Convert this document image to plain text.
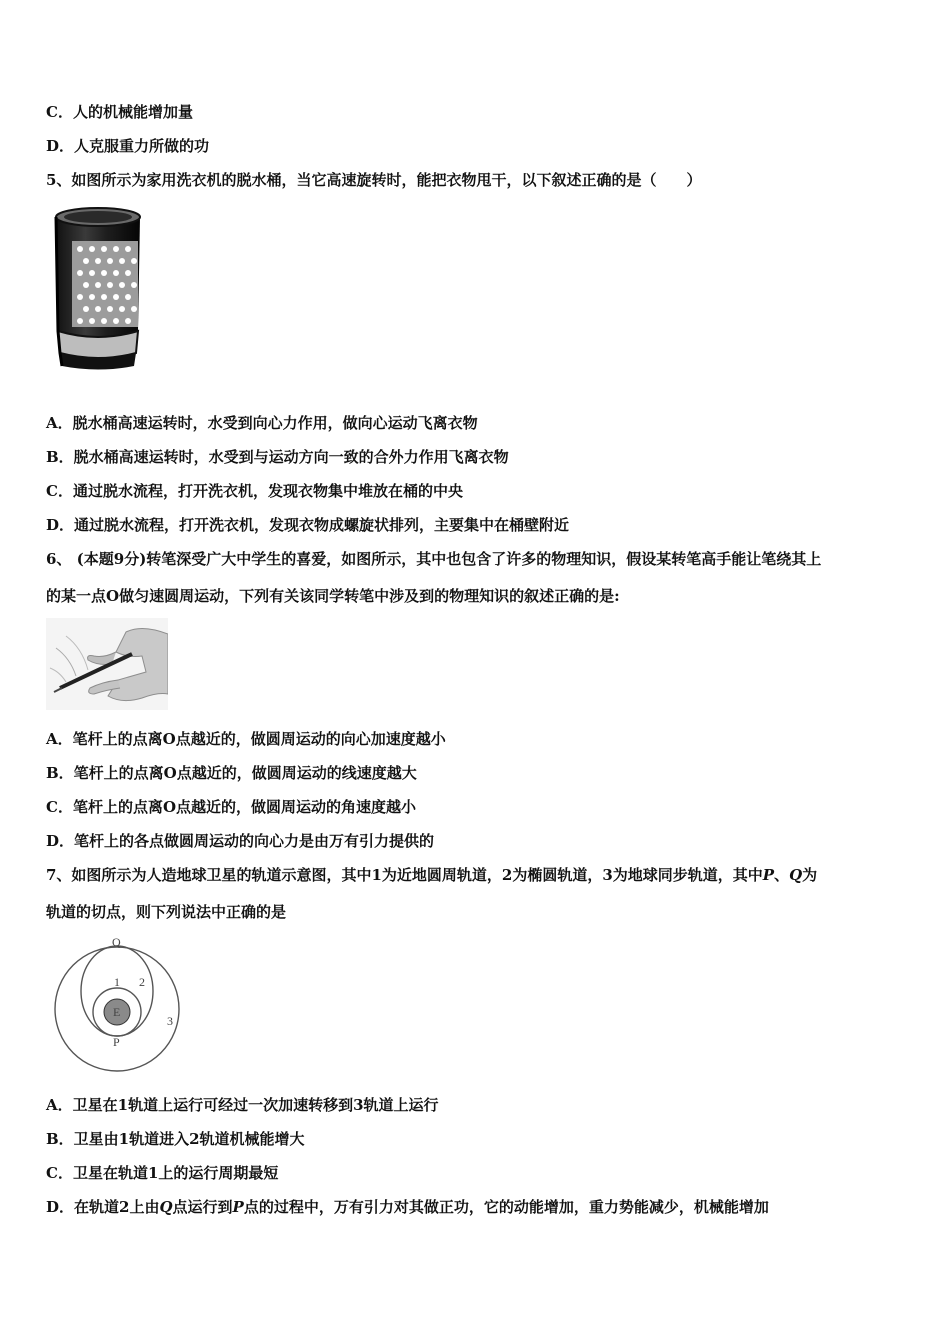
C．人的机械能增加量
D．人克服重力所做的功
5、如图所示为家用洗衣机的脱水桶，当它高速旋转时，能把衣物甩干，以下叙述正确的是（　　）
A．脱水桶高速运转时，水受到向心力作用，做向心运动飞离衣物
B．脱水桶高速运转时，水受到与运动方向一致的合外力作用飞离衣物
C．通过脱水流程，打开洗衣机，发现衣物集中堆放在桶的中央
D．通过脱水流程，打开洗衣机，发现衣物成螺旋状排列，主要集中在桶壁附近
6、 (本题9分)转笔深受广大中学生的喜爱，如图所示，其中也包含了许多的物理知识，假设某转笔高手能让笔绕其上
的某一点O做匀速圆周运动，下列有关该同学转笔中涉及到的物理知识的叙述正确的是:
A．笔杆上的点离O点越近的，做圆周运动的向心加速度越小
B．笔杆上的点离O点越近的，做圆周运动的线速度越大
C．笔杆上的点离O点越近的，做圆周运动的角速度越小
D．笔杆上的各点做圆周运动的向心力是由万有引力提供的
7、如图所示为人造地球卫星的轨道示意图，其中1为近地圆周轨道，2为椭圆轨道，3为地球同步轨道，其中P、Q为
轨道的切点，则下列说法中正确的是
E
Q
P
1 2
3
A．卫星在1轨道上运行可经过一次加速转移到3轨道上运行
B．卫星由1轨道进入2轨道机械能增大
C．卫星在轨道1上的运行周期最短
D．在轨道2上由Q点运行到P点的过程中，万有引力对其做正功，它的动能增加，重力势能减少，机械能增加
